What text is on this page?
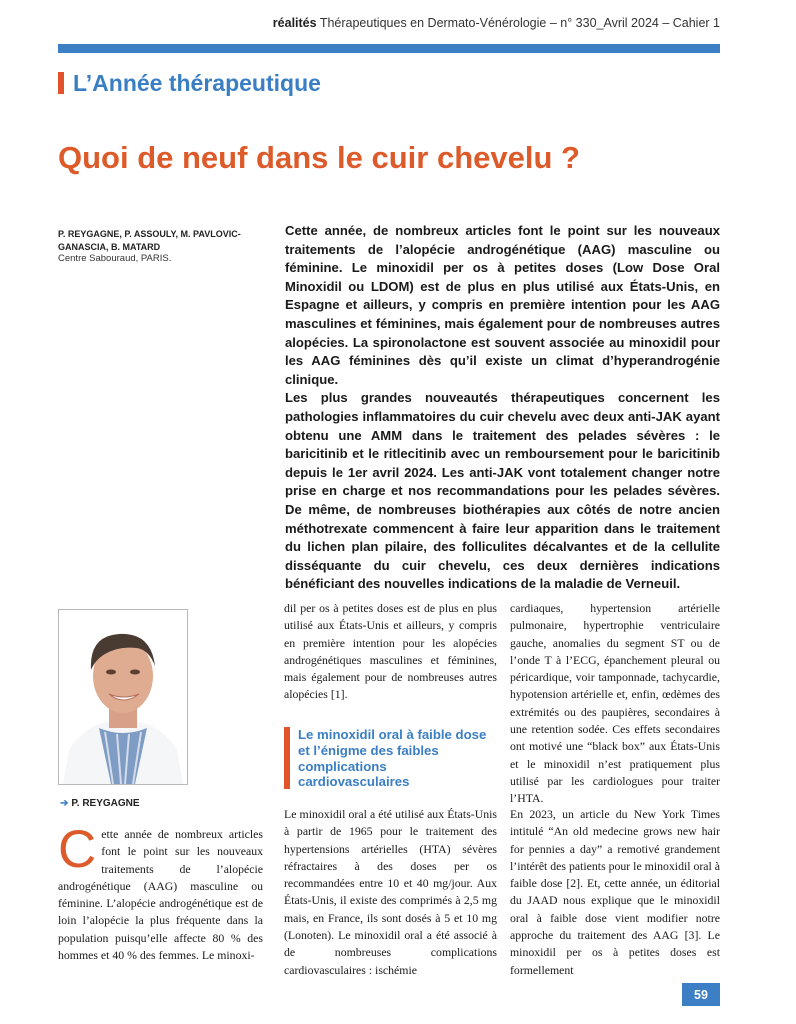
réalités Thérapeutiques en Dermato-Vénérologie – n° 330_Avril 2024 – Cahier 1
L’Année thérapeutique
Quoi de neuf dans le cuir chevelu ?
P. REYGAGNE, P. ASSOULY, M. PAVLOVIC-GANASCIA, B. MATARD
Centre Sabouraud, PARIS.

Cette année, de nombreux articles font le point sur les nouveaux traitements de l’alopécie androgénétique (AAG) masculine ou féminine. Le minoxidil per os à petites doses (Low Dose Oral Minoxidil ou LDOM) est de plus en plus utilisé aux États-Unis, en Espagne et ailleurs, y compris en première intention pour les AAG masculines et féminines, mais également pour de nombreuses autres alopécies. La spironolactone est souvent associée au minoxidil pour les AAG féminines dès qu’il existe un climat d’hyperandrogénie clinique.

Les plus grandes nouveautés thérapeutiques concernent les pathologies inflammatoires du cuir chevelu avec deux anti-JAK ayant obtenu une AMM dans le traitement des pelades sévères : le baricitinib et le ritlecitinib avec un remboursement pour le baricitinib depuis le 1er avril 2024. Les anti-JAK vont totalement changer notre prise en charge et nos recommandations pour les pelades sévères. De même, de nombreuses biothérapies aux côtés de notre ancien méthotrexate commencent à faire leur apparition dans le traitement du lichen plan pilaire, des folliculites décalvantes et de la cellulite disséquante du cuir chevelu, ces deux dernières indications bénéficiant des nouvelles indications de la maladie de Verneuil.

➔ P. REYGAGNE
C ette année de nombreux articles font le point sur les nouveaux traitements de l’alopécie androgénétique (AAG) masculine ou féminine. L’alopécie androgénétique est de loin l’alopécie la plus fréquente dans la population puisqu’elle affecte 80 % des hommes et 40 % des femmes. Le minoxi-

dil per os à petites doses est de plus en plus utilisé aux États-Unis et ailleurs, y compris en première intention pour les alopécies androgénétiques masculines et féminines, mais également pour de nombreuses autres alopécies [1].

Le minoxidil oral à faible dose et l’énigme des faibles complications cardiovasculaires

Le minoxidil oral a été utilisé aux États-Unis à partir de 1965 pour le traitement des hypertensions artérielles (HTA) sévères réfractaires à des doses per os recommandées entre 10 et 40 mg/jour. Aux États-Unis, il existe des comprimés à 2,5 mg mais, en France, ils sont dosés à 5 et 10 mg (Lonoten). Le minoxidil oral a été associé à de nombreuses complications cardiovasculaires : ischémie

cardiaques, hypertension artérielle pulmonaire, hypertrophie ventriculaire gauche, anomalies du segment ST ou de l’onde T à l’ECG, épanchement pleural ou péricardique, voir tamponnade, tachycardie, hypotension artérielle et, enfin, œdèmes des extrémités ou des paupières, secondaires à une retention sodée. Ces effets secondaires ont motivé une “black box” aux États-Unis et le minoxidil n’est pratiquement plus utilisé par les cardiologues pour traiter l’HTA.

En 2023, un article du New York Times intitulé “An old medecine grows new hair for pennies a day” a remotivé grandement l’intérêt des patients pour le minoxidil oral à faible dose [2]. Et, cette année, un éditorial du JAAD nous explique que le minoxidil oral à faible dose vient modifier notre approche du traitement des AAG [3]. Le minoxidil per os à petites doses est formellement

59
